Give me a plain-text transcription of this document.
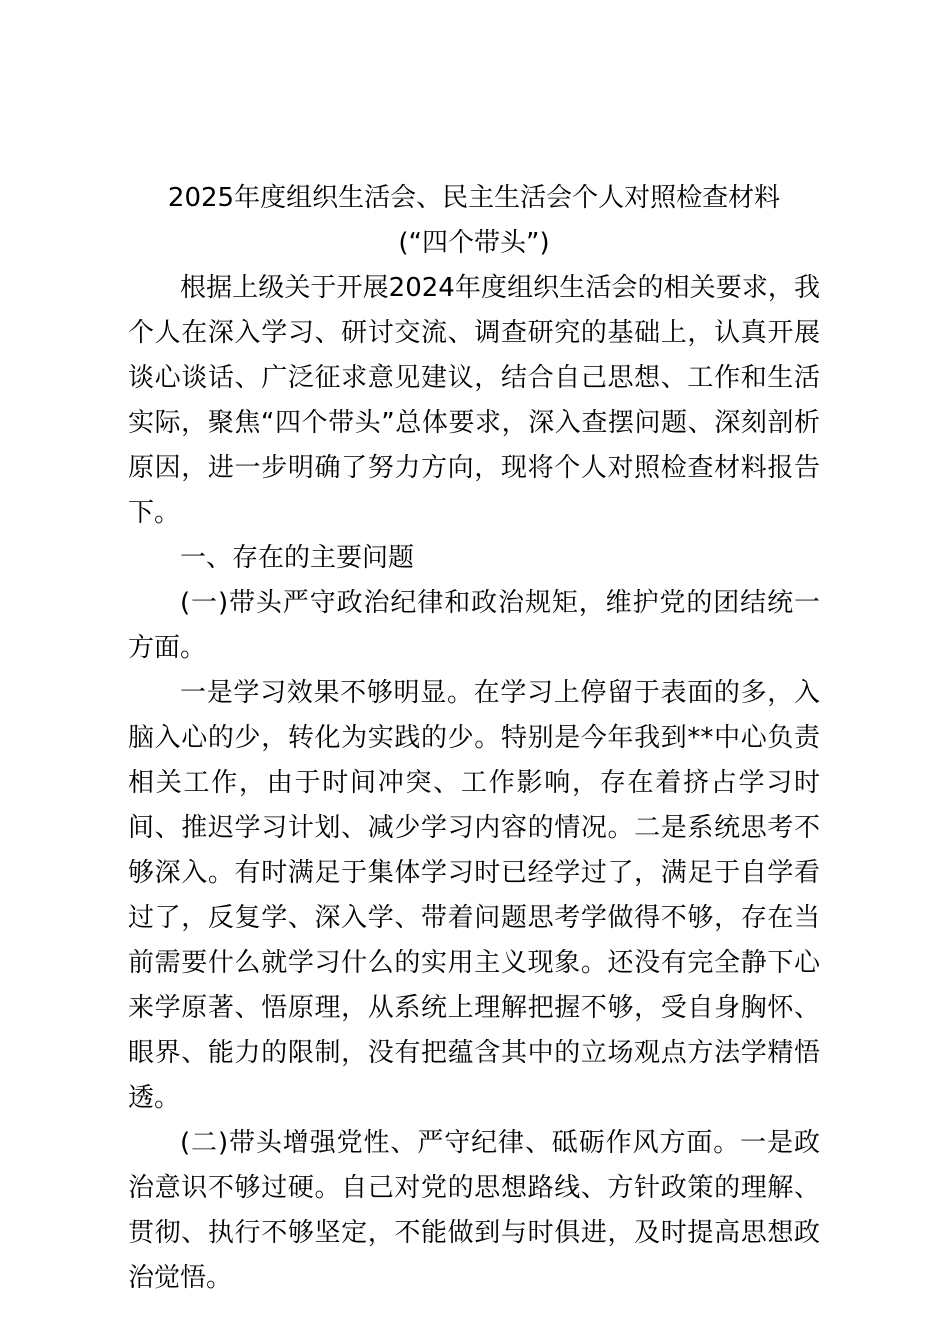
2025年度组织生活会、民主生活会个人对照检查材料
(“四个带头”)

根据上级关于开展2024年度组织生活会的相关要求，我个人在深入学习、研讨交流、调查研究的基础上，认真开展谈心谈话、广泛征求意见建议，结合自己思想、工作和生活实际，聚焦“四个带头”总体要求，深入查摆问题、深刻剖析原因，进一步明确了努力方向，现将个人对照检查材料报告下。

一、存在的主要问题

(一)带头严守政治纪律和政治规矩，维护党的团结统一方面。

一是学习效果不够明显。在学习上停留于表面的多，入脑入心的少，转化为实践的少。特别是今年我到**中心负责相关工作，由于时间冲突、工作影响，存在着挤占学习时间、推迟学习计划、减少学习内容的情况。二是系统思考不够深入。有时满足于集体学习时已经学过了，满足于自学看过了，反复学、深入学、带着问题思考学做得不够，存在当前需要什么就学习什么的实用主义现象。还没有完全静下心来学原著、悟原理，从系统上理解把握不够，受自身胸怀、眼界、能力的限制，没有把蕴含其中的立场观点方法学精悟透。

(二)带头增强党性、严守纪律、砥砺作风方面。一是政治意识不够过硬。自己对党的思想路线、方针政策的理解、贯彻、执行不够坚定，不能做到与时俱进，及时提高思想政治觉悟。
